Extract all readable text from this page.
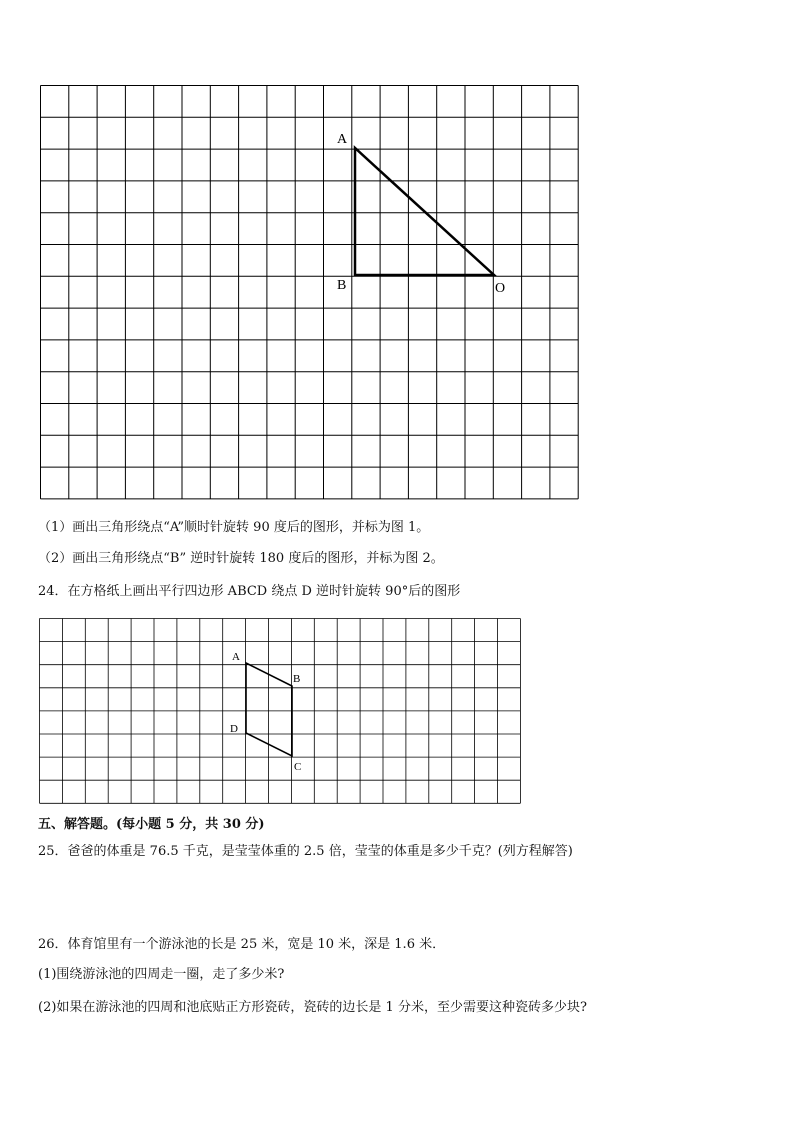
A
B	O
（1）画出三角形绕点“A”顺时针旋转 90 度后的图形，并标为图 1。
（2）画出三角形绕点“B” 逆时针旋转 180 度后的图形，并标为图 2。
24．在方格纸上画出平行四边形 ABCD 绕点 D 逆时针旋转 90°后的图形
A
B
C
D
五、解答题。(每小题 5 分，共 30 分)
25．爸爸的体重是 76.5 千克，是莹莹体重的 2.5 倍，莹莹的体重是多少千克？(列方程解答)
26．体育馆里有一个游泳池的长是 25 米，宽是 10 米，深是 1.6 米．
(1)围绕游泳池的四周走一圈，走了多少米?
(2)如果在游泳池的四周和池底贴正方形瓷砖，瓷砖的边长是 1 分米，至少需要这种瓷砖多少块?
